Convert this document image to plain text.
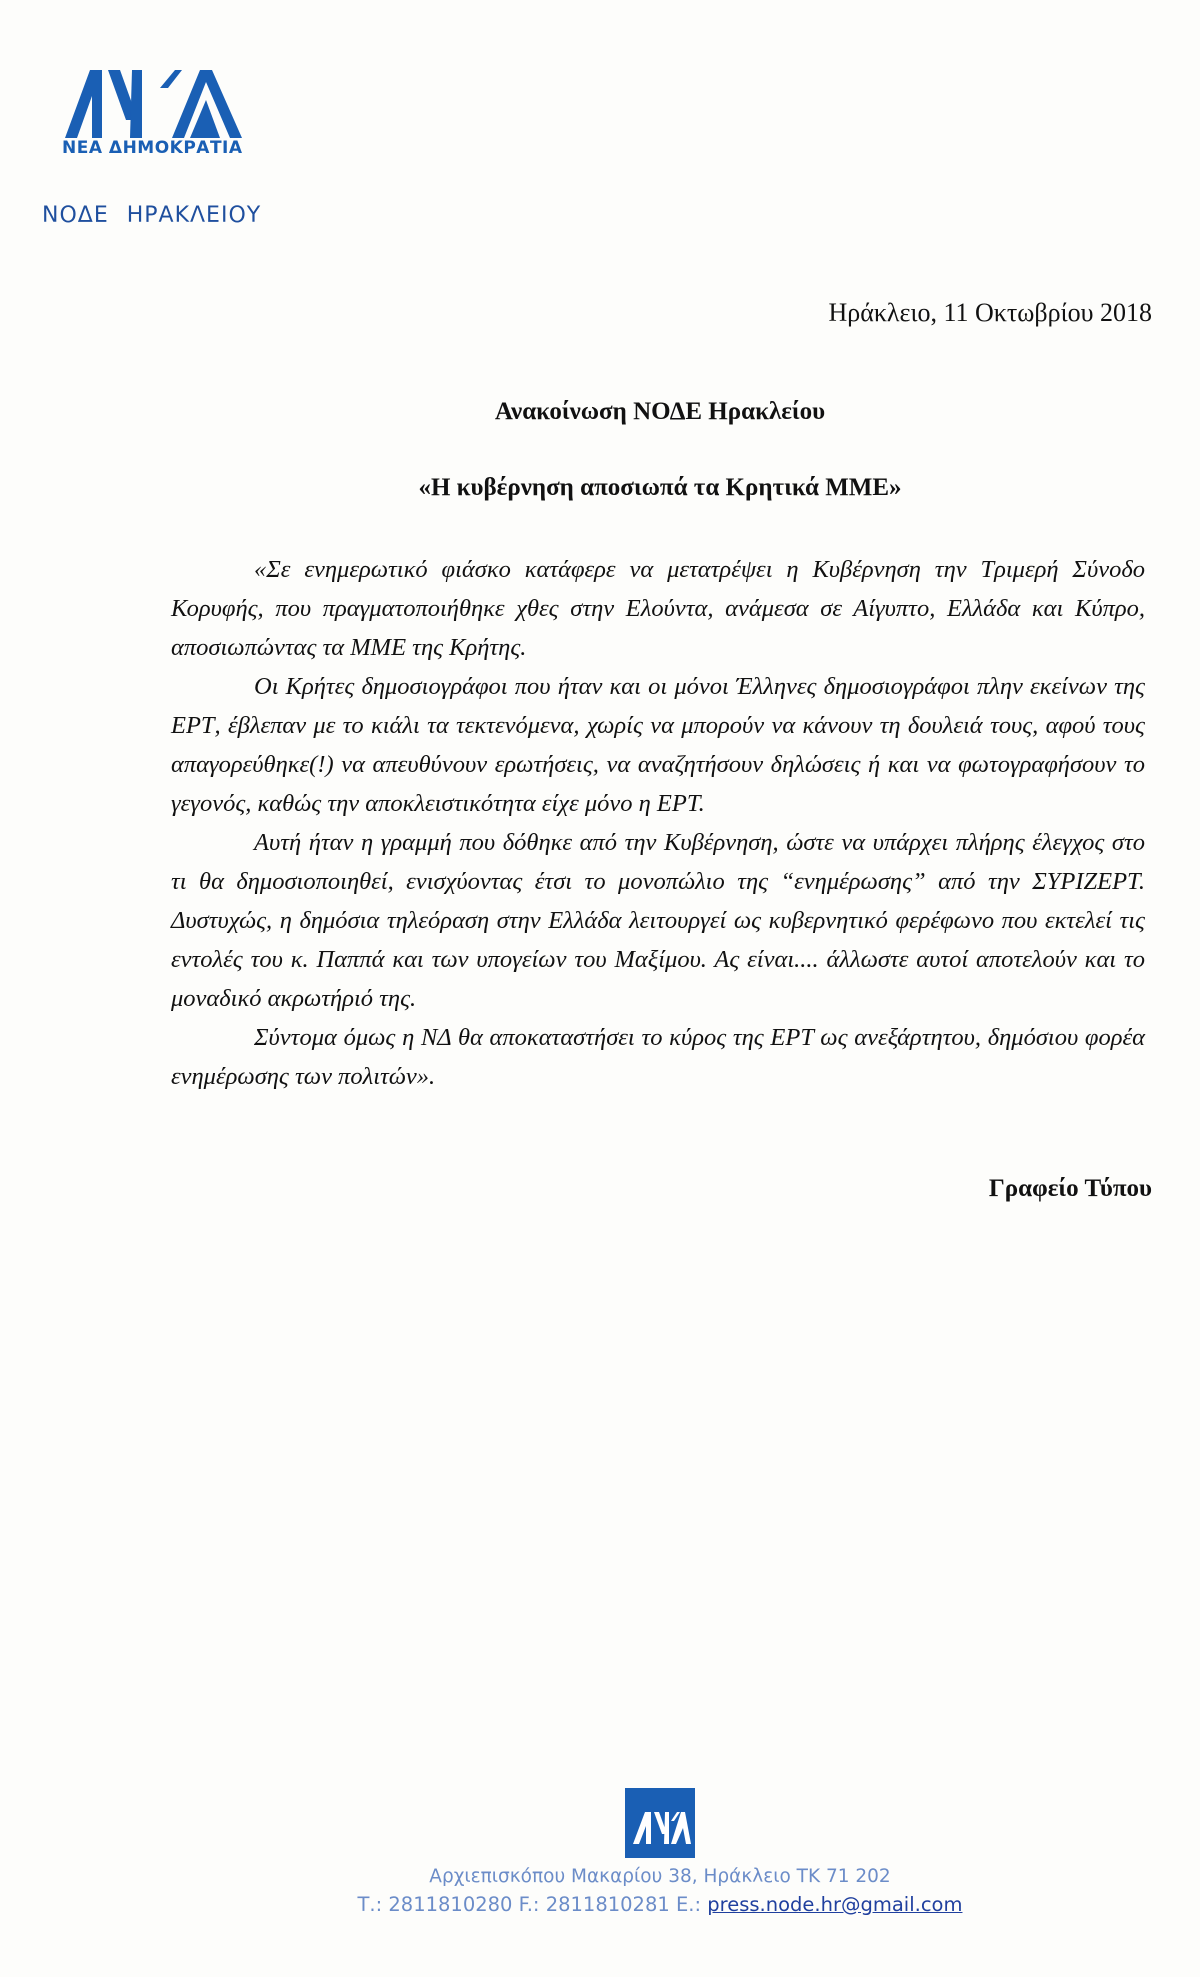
ΝΕΑ ΔΗΜΟΚΡΑΤΙΑ
ΝΟΔΕ ΗΡΑΚΛΕΙΟΥ
Ηράκλειο, 11 Οκτωβρίου 2018
Ανακοίνωση ΝΟΔΕ Ηρακλείου
«Η κυβέρνηση αποσιωπά τα Κρητικά ΜΜΕ»

«Σε ενημερωτικό φιάσκο κατάφερε να μετατρέψει η Κυβέρνηση την Τριμερή Σύνοδο Κορυφής, που πραγματοποιήθηκε χθες στην Ελούντα, ανάμεσα σε Αίγυπτο, Ελλάδα και Κύπρο, αποσιωπώντας τα ΜΜΕ της Κρήτης.

Οι Κρήτες δημοσιογράφοι που ήταν και οι μόνοι Έλληνες δημοσιογράφοι πλην εκείνων της ΕΡΤ, έβλεπαν με το κιάλι τα τεκτενόμενα, χωρίς να μπορούν να κάνουν τη δουλειά τους, αφού τους απαγορεύθηκε(!) να απευθύνουν ερωτήσεις, να αναζητήσουν δηλώσεις ή και να φωτογραφήσουν το γεγονός, καθώς την αποκλειστικότητα είχε μόνο η ΕΡΤ.

Αυτή ήταν η γραμμή που δόθηκε από την Κυβέρνηση, ώστε να υπάρχει πλήρης έλεγχος στο τι θα δημοσιοποιηθεί, ενισχύοντας έτσι το μονοπώλιο της “ενημέρωσης” από την ΣΥΡΙΖΕΡΤ. Δυστυχώς, η δημόσια τηλεόραση στην Ελλάδα λειτουργεί ως κυβερνητικό φερέφωνο που εκτελεί τις εντολές του κ. Παππά και των υπογείων του Μαξίμου. Ας είναι.... άλλωστε αυτοί αποτελούν και το μοναδικό ακρωτήριό της.

Σύντομα όμως η ΝΔ θα αποκαταστήσει το κύρος της ΕΡΤ ως ανεξάρτητου, δημόσιου φορέα ενημέρωσης των πολιτών».

Γραφείο Τύπου
Αρχιεπισκόπου Μακαρίου 38, Ηράκλειο ΤΚ 71 202
Τ.: 2811810280 F.: 2811810281 E.: press.node.hr@gmail.com
